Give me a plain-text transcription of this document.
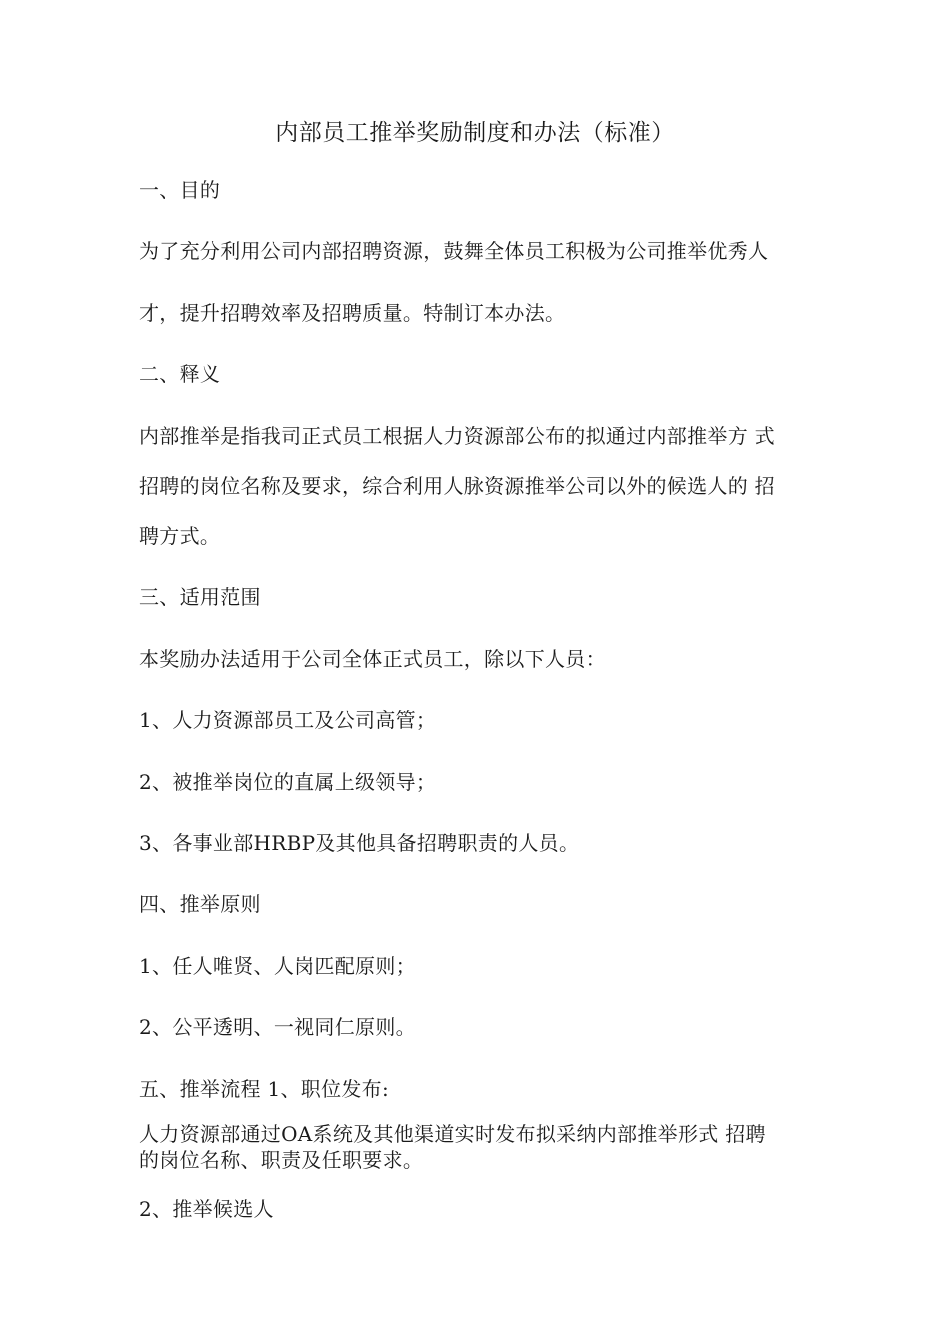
内部员工推举奖励制度和办法（标准）
一、目的
为了充分利用公司内部招聘资源，鼓舞全体员工积极为公司推举优秀人
才，提升招聘效率及招聘质量。特制订本办法。
二、释义
内部推举是指我司正式员工根据人力资源部公布的拟通过内部推举方 式
招聘的岗位名称及要求，综合利用人脉资源推举公司以外的候选人的 招
聘方式。
三、适用范围
本奖励办法适用于公司全体正式员工，除以下人员：
1、人力资源部员工及公司高管；
2、被推举岗位的直属上级领导；
3、各事业部HRBP及其他具备招聘职责的人员。
四、推举原则
1、任人唯贤、人岗匹配原则；
2、公平透明、一视同仁原则。
五、推举流程 1、职位发布:
人力资源部通过OA系统及其他渠道实时发布拟采纳内部推举形式 招聘
的岗位名称、职责及任职要求。
2、推举候选人
